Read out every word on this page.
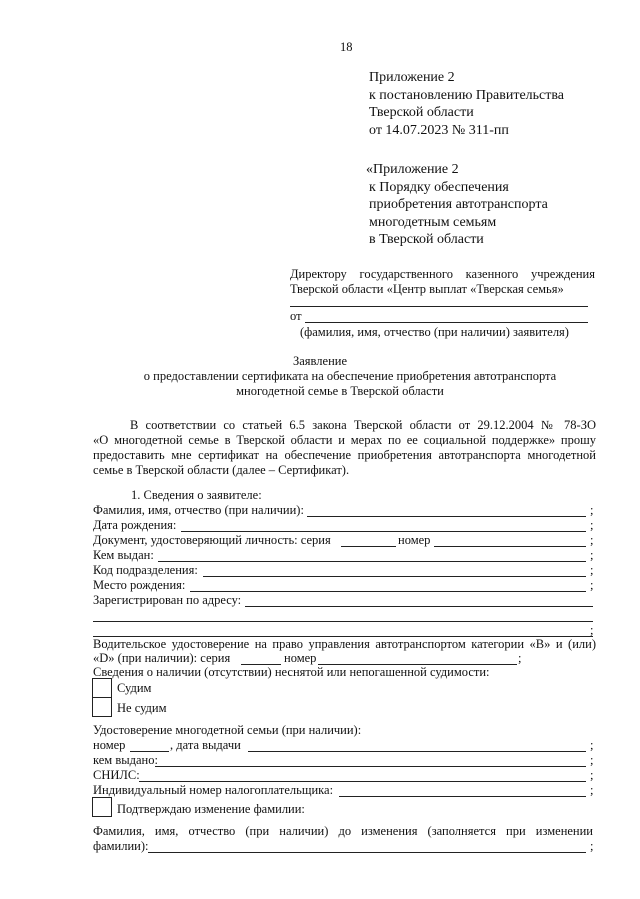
18
Приложение 2
к постановлению Правительства
Тверской области
от 14.07.2023 № 311-пп
«Приложение 2
к Порядку обеспечения
приобретения автотранспорта
многодетным семьям
в Тверской области
Директору государственного казенного учреждения
Тверской области «Центр выплат «Тверская семья»
от
(фамилия, имя, отчество (при наличии) заявителя)
Заявление
о предоставлении сертификата на обеспечение приобретения автотранспорта
многодетной семье в Тверской области
В соответствии со статьей 6.5 закона Тверской области от 29.12.2004 № 78-ЗО
«О многодетной семье в Тверской области и мерах по ее социальной поддержке» прошу
предоставить мне сертификат на обеспечение приобретения автотранспорта многодетной
семье в Тверской области (далее – Сертификат).
1. Сведения о заявителе:
Фамилия, имя, отчество (при наличии):	;
Дата рождения:	;
Документ, удостоверяющий личность: серия	номер	;
Кем выдан:	;
Код подразделения:	;
Место рождения:	;
Зарегистрирован по адресу:
;
Водительское удостоверение на право управления автотранспортом категории «В» и (или)
«D» (при наличии): серия	номер	;
Сведения о наличии (отсутствии) неснятой или непогашенной судимости:
Судим
Не судим
Удостоверение многодетной семьи (при наличии):
номер	, дата выдачи	;
кем выдано:	;
СНИЛС:	;
Индивидуальный номер налогоплательщика:	;
Подтверждаю изменение фамилии:
Фамилия, имя, отчество (при наличии) до изменения (заполняется при изменении
фамилии):	;
